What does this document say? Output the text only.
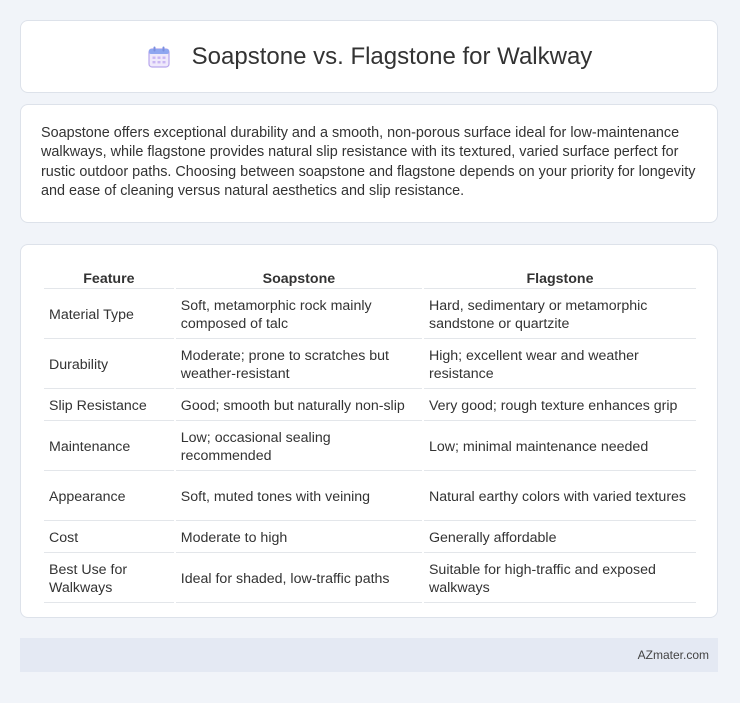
Soapstone vs. Flagstone for Walkway

Soapstone offers exceptional durability and a smooth, non-porous surface ideal for low-maintenance walkways, while flagstone provides natural slip resistance with its textured, varied surface perfect for rustic outdoor paths. Choosing between soapstone and flagstone depends on your priority for longevity and ease of cleaning versus natural aesthetics and slip resistance.

Feature	Soapstone	Flagstone
Material Type	Soft, metamorphic rock mainly composed of talc	Hard, sedimentary or metamorphic sandstone or quartzite
Durability	Moderate; prone to scratches but weather-resistant	High; excellent wear and weather resistance
Slip Resistance	Good; smooth but naturally non-slip	Very good; rough texture enhances grip
Maintenance	Low; occasional sealing recommended	Low; minimal maintenance needed
Appearance	Soft, muted tones with veining	Natural earthy colors with varied textures
Cost	Moderate to high	Generally affordable
Best Use for Walkways	Ideal for shaded, low-traffic paths	Suitable for high-traffic and exposed walkways
AZmater.com
